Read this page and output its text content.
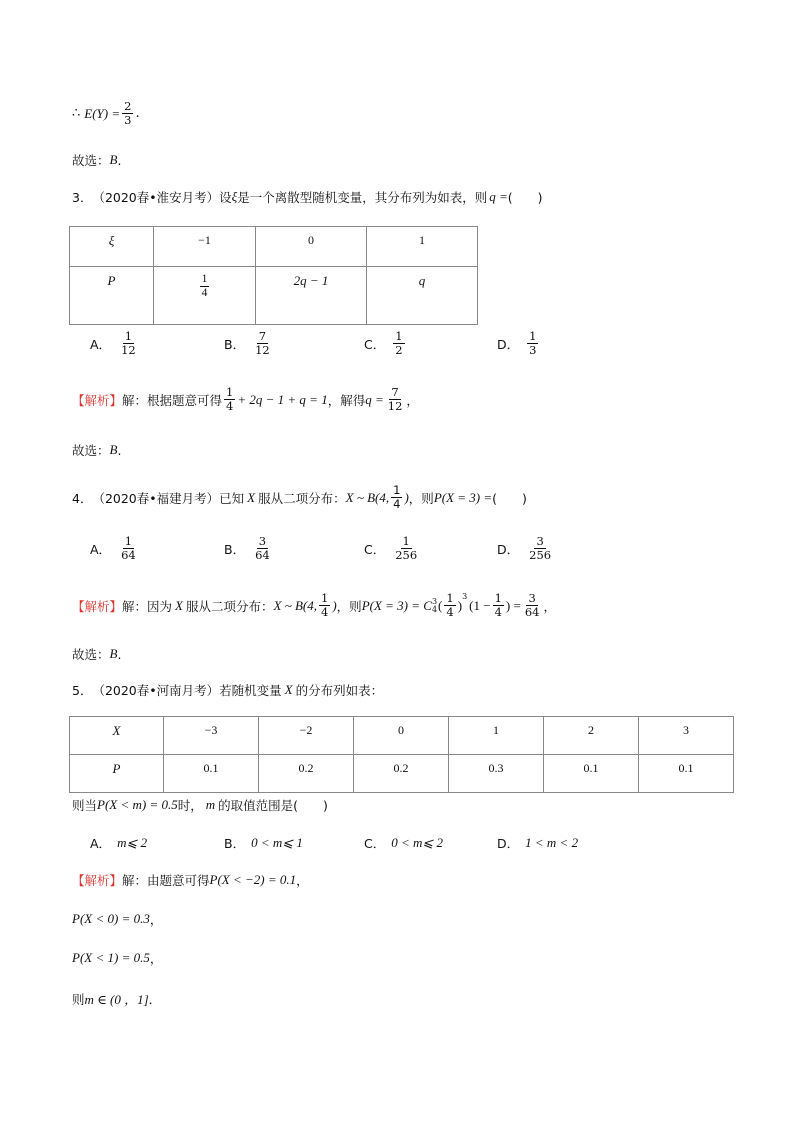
∴ $E(Y) = \frac{2}{3}$ .
故选： B .
3． （2020春•淮安月考） 设 ξ 是一个离散型随机变量，其分布列为如表，则 q = (　　)
ξ	−1	0	1
P	$\frac{1}{4}$	2q − 1	q
A． $\frac{1}{12}$	B． $\frac{7}{12}$	C． $\frac{1}{2}$	D． $\frac{1}{3}$
【解析】 解：根据题意可得 $\frac{1}{4} + 2q - 1 + q = 1$ ，解得 $q = \frac{7}{12}$ ，
故选： B .
4． （2020春•福建月考） 已知 X 服从二项分布： X ~ B(4, $\frac{1}{4}$ ) ，则 P(X = 3) = (　　)
A． $\frac{1}{64}$	B． $\frac{3}{64}$	C． $\frac{1}{256}$	D． $\frac{3}{256}$
【解析】 解：因为 X 服从二项分布： X ~ B(4, $\frac{1}{4}$ ) ，则 P(X = 3) = C 3
4 ( $\frac{1}{4}$ )
$^3$
($1 - \frac{1}{4}$ ) = $\frac{3}{64}$ ，
故选： B .
5． （2020春•河南月考） 若随机变量 X 的分布列如表：
X	−3	−2	0	1	2	3
P	0.1	0.2	0.2	0.3	0.1	0.1
则当 P(X < m) = 0.5 时， m 的取值范围是 (　　)
A． m⩽ 2	B． 0 < m⩽ 1	C． 0 < m⩽ 2	D． 1 < m < 2
【解析】 解：由题意可得 P(X < −2) = 0.1 ，
P(X < 0) = 0.3 ，
P(X < 1) = 0.5 ，
则 m ∈ (0 ，1] ．
